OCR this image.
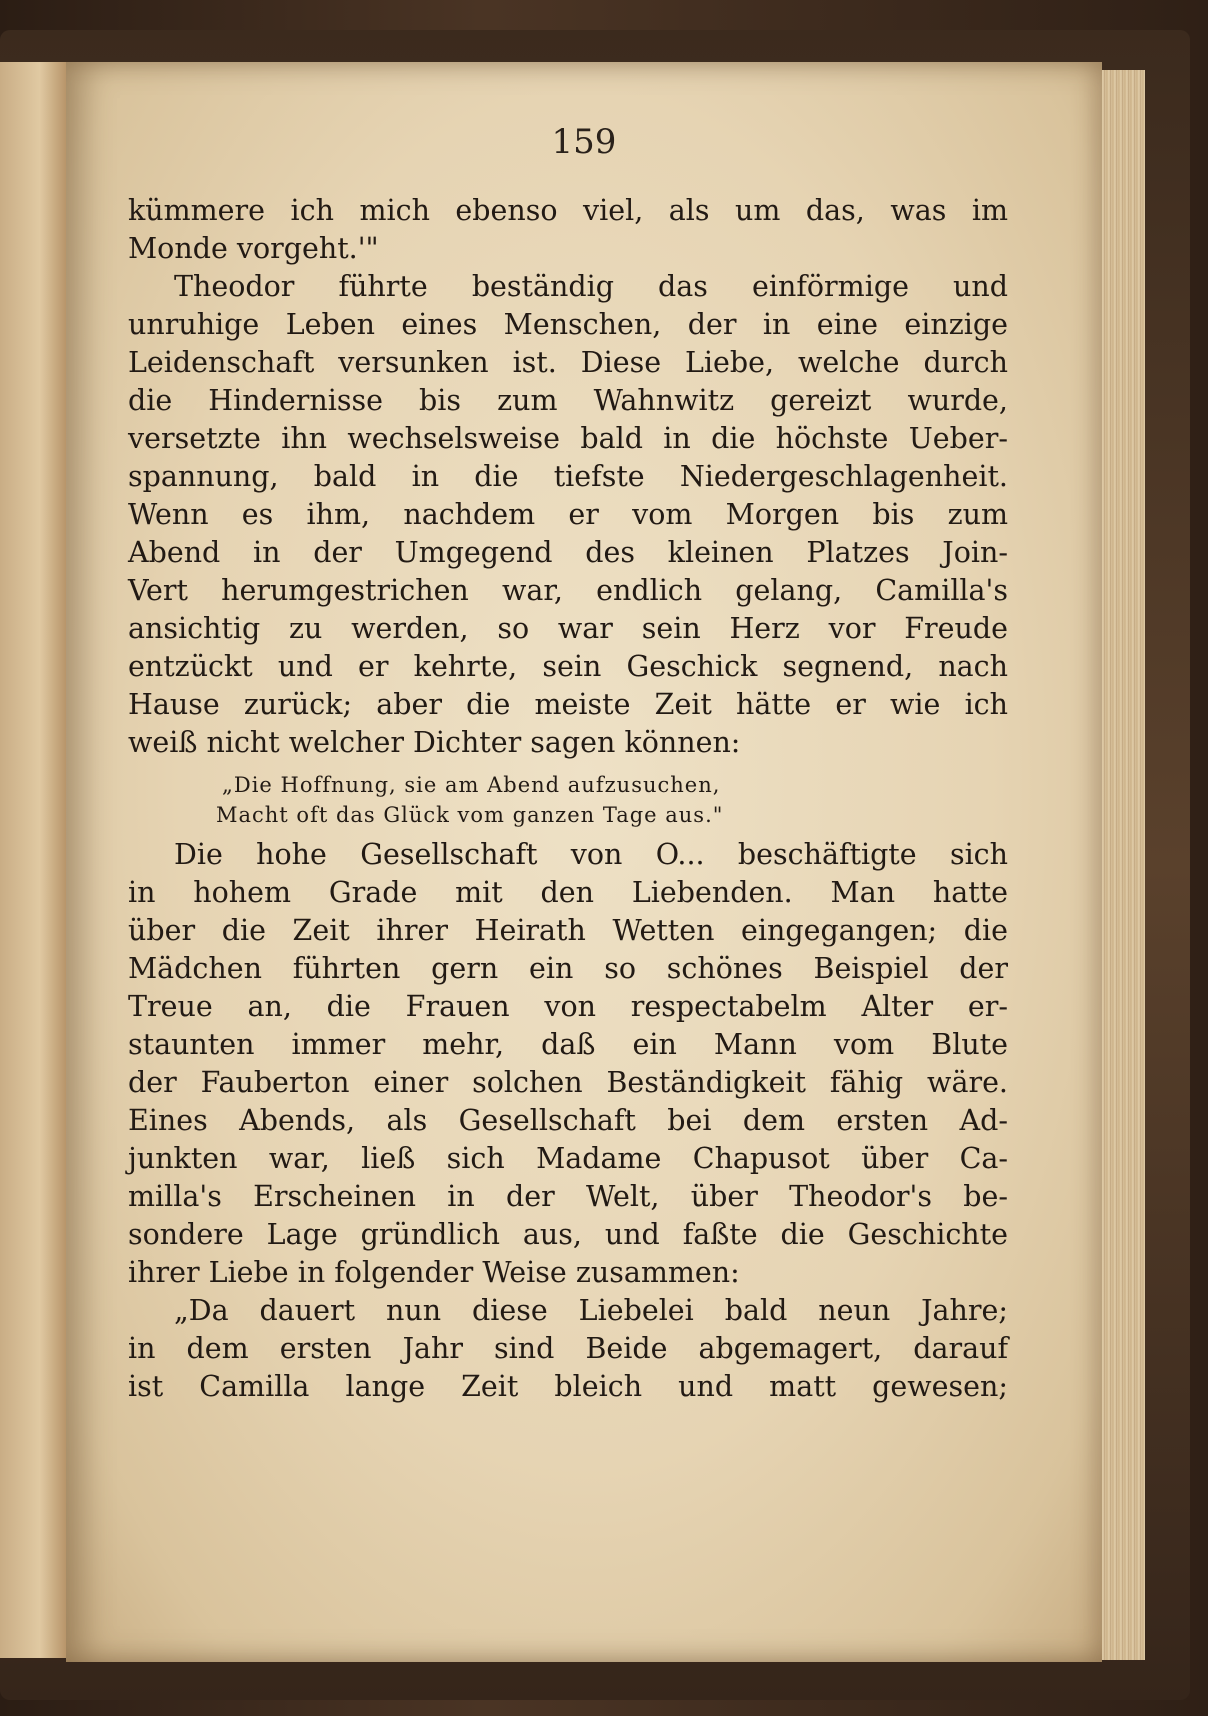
159
kümmere ich mich ebenso viel, als um das, was im
Monde vorgeht.'"
Theodor führte beständig das einförmige und
unruhige Leben eines Menschen, der in eine einzige
Leidenschaft versunken ist. Diese Liebe, welche durch
die Hindernisse bis zum Wahnwitz gereizt wurde,
versetzte ihn wechselsweise bald in die höchste Ueber-
spannung, bald in die tiefste Niedergeschlagenheit.
Wenn es ihm, nachdem er vom Morgen bis zum
Abend in der Umgegend des kleinen Platzes Join-
Vert herumgestrichen war, endlich gelang, Camilla's
ansichtig zu werden, so war sein Herz vor Freude
entzückt und er kehrte, sein Geschick segnend, nach
Hause zurück; aber die meiste Zeit hätte er wie ich
weiß nicht welcher Dichter sagen können:
„Die Hoffnung, sie am Abend aufzusuchen,
Macht oft das Glück vom ganzen Tage aus."
Die hohe Gesellschaft von O... beschäftigte sich
in hohem Grade mit den Liebenden. Man hatte
über die Zeit ihrer Heirath Wetten eingegangen; die
Mädchen führten gern ein so schönes Beispiel der
Treue an, die Frauen von respectabelm Alter er-
staunten immer mehr, daß ein Mann vom Blute
der Fauberton einer solchen Beständigkeit fähig wäre.
Eines Abends, als Gesellschaft bei dem ersten Ad-
junkten war, ließ sich Madame Chapusot über Ca-
milla's Erscheinen in der Welt, über Theodor's be-
sondere Lage gründlich aus, und faßte die Geschichte
ihrer Liebe in folgender Weise zusammen:
„Da dauert nun diese Liebelei bald neun Jahre;
in dem ersten Jahr sind Beide abgemagert, darauf
ist Camilla lange Zeit bleich und matt gewesen;
